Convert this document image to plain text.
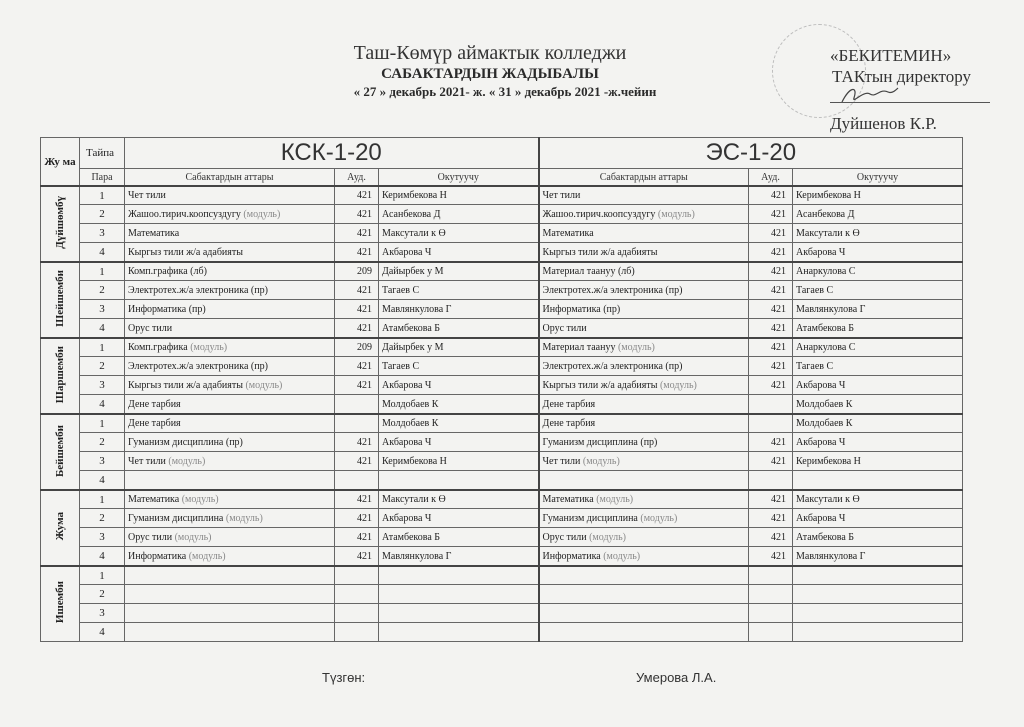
Таш-Көмүр аймактык колледжи
САБАКТАРДЫН ЖАДЫБАЛЫ
« 27 » декабрь 2021- ж. « 31 » декабрь 2021 -ж.чейин
«БЕКИТЕМИН»
ТАКтын директору
Дуйшенов К.Р.
Жу ма	Тайпа	КСК-1-20			ЭС-1-20		
	Пара	Сабактардын аттары	Ауд.	Окутуучу	Сабактардын аттары	Ауд.	Окутуучу
Дүйшөмбү	1	Чет тили	421	Керимбекова Н	Чет тили	421	Керимбекова Н
	2	Жашоо.тирич.коопсуздугу (модуль)	421	Асанбекова Д	Жашоо.тирич.коопсуздугу (модуль)	421	Асанбекова Д
	3	Математика	421	Максутали к Ө	Математика	421	Максутали к Ө
	4	Кыргыз тили ж/а адабияты	421	Акбарова Ч	Кыргыз тили ж/а адабияты	421	Акбарова Ч
Шейшемби	1	Комп.графика (лб)	209	Дайырбек у М	Материал таануу (лб)	421	Анаркулова С
	2	Электротех.ж/а электроника (пр)	421	Тагаев С	Электротех.ж/а электроника (пр)	421	Тагаев С
	3	Информатика (пр)	421	Мавлянкулова Г	Информатика (пр)	421	Мавлянкулова Г
	4	Орус тили	421	Атамбекова Б	Орус тили	421	Атамбекова Б
Шаршемби	1	Комп.графика (модуль)	209	Дайырбек у М	Материал таануу (модуль)	421	Анаркулова С
	2	Электротех.ж/а электроника (пр)	421	Тагаев С	Электротех.ж/а электроника (пр)	421	Тагаев С
	3	Кыргыз тили ж/а адабияты (модуль)	421	Акбарова Ч	Кыргыз тили ж/а адабияты (модуль)	421	Акбарова Ч
	4	Дене тарбия		Молдобаев К	Дене тарбия		Молдобаев К
Бейшемби	1	Дене тарбия		Молдобаев К	Дене тарбия		Молдобаев К
	2	Гуманизм дисциплина (пр)	421	Акбарова Ч	Гуманизм дисциплина (пр)	421	Акбарова Ч
	3	Чет тили (модуль)	421	Керимбекова Н	Чет тили (модуль)	421	Керимбекова Н
	4						
Жума	1	Математика (модуль)	421	Максутали к Ө	Математика (модуль)	421	Максутали к Ө
	2	Гуманизм дисциплина (модуль)	421	Акбарова Ч	Гуманизм дисциплина (модуль)	421	Акбарова Ч
	3	Орус тили (модуль)	421	Атамбекова Б	Орус тили (модуль)	421	Атамбекова Б
	4	Информатика (модуль)	421	Мавлянкулова Г	Информатика (модуль)	421	Мавлянкулова Г
Ишемби	1						
	2						
	3						
	4						
Түзгөн:	Умерова Л.А.
